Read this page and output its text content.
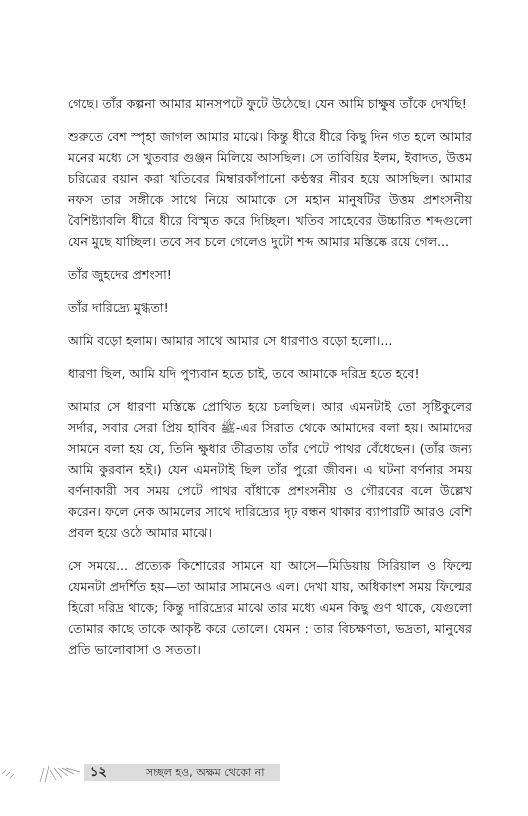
গেছে। তাঁর কল্পনা আমার মানসপটে ফুটে উঠেছে। যেন আমি চাক্ষুষ তাঁকে দেখছি!

শুরুতে বেশ স্পৃহা জাগল আমার মাঝে। কিন্তু ধীরে ধীরে কিছু দিন গত হলে আমার মনের মধ্যে সে খুতবার গুঞ্জন মিলিয়ে আসছিল। সে তাবিয়ির ইলম, ইবাদত, উত্তম চরিত্রের বয়ান করা খতিবের মিম্বারকাঁপানো কণ্ঠস্বর নীরব হয়ে আসছিল। আমার নফস তার সঙ্গীকে সাথে নিয়ে আমাকে সে মহান মানুষটির উত্তম প্রশংসনীয় বৈশিষ্ট্যাবলি ধীরে ধীরে বিস্মৃত করে দিচ্ছিল। খতিব সাহেবের উচ্চারিত শব্দগুলো যেন মুছে যাচ্ছিল। তবে সব চলে গেলেও দুটো শব্দ আমার মস্তিষ্কে রয়ে গেল...

তাঁর জুহদের প্রশংসা!

তাঁর দারিদ্র্যে মুগ্ধতা!

আমি বড়ো হলাম। আমার সাথে আমার সে ধারণাও বড়ো হলো।...

ধারণা ছিল, আমি যদি পুণ্যবান হতে চাই, তবে আমাকে দরিদ্র হতে হবে!

আমার সে ধারণা মস্তিষ্কে প্রোথিত হয়ে চলছিল। আর এমনটাই তো সৃষ্টিকুলের সর্দার, সবার সেরা প্রিয় হাবিব ﷺ-এর সিরাত থেকে আমাদের বলা হয়। আমাদের সামনে বলা হয় যে, তিনি ক্ষুধার তীব্রতায় তাঁর পেটে পাথর বেঁধেছেন। (তাঁর জন্য আমি কুরবান হই।) যেন এমনটাই ছিল তাঁর পুরো জীবন। এ ঘটনা বর্ণনার সময় বর্ণনাকারী সব সময় পেটে পাথর বাঁধাকে প্রশংসনীয় ও গৌরবের বলে উল্লেখ করেন। ফলে নেক আমলের সাথে দারিদ্র্যের দৃঢ় বন্ধন থাকার ব্যাপারটি আরও বেশি প্রবল হয়ে ওঠে আমার মাঝে।

সে সময়ে... প্রত্যেক কিশোরের সামনে যা আসে—মিডিয়ায় সিরিয়াল ও ফিল্মে যেমনটা প্রদর্শিত হয়—তা আমার সামনেও এল। দেখা যায়, অধিকাংশ সময় ফিল্মের হিরো দরিদ্র থাকে; কিন্তু দারিদ্র্যের মাঝে তার মধ্যে এমন কিছু গুণ থাকে, যেগুলো তোমার কাছে তাকে আকৃষ্ট করে তোলে। যেমন : তার বিচক্ষণতা, ভদ্রতা, মানুষের প্রতি ভালোবাসা ও সততা।

১২	সচ্ছল হও, অক্ষম থেকো না
